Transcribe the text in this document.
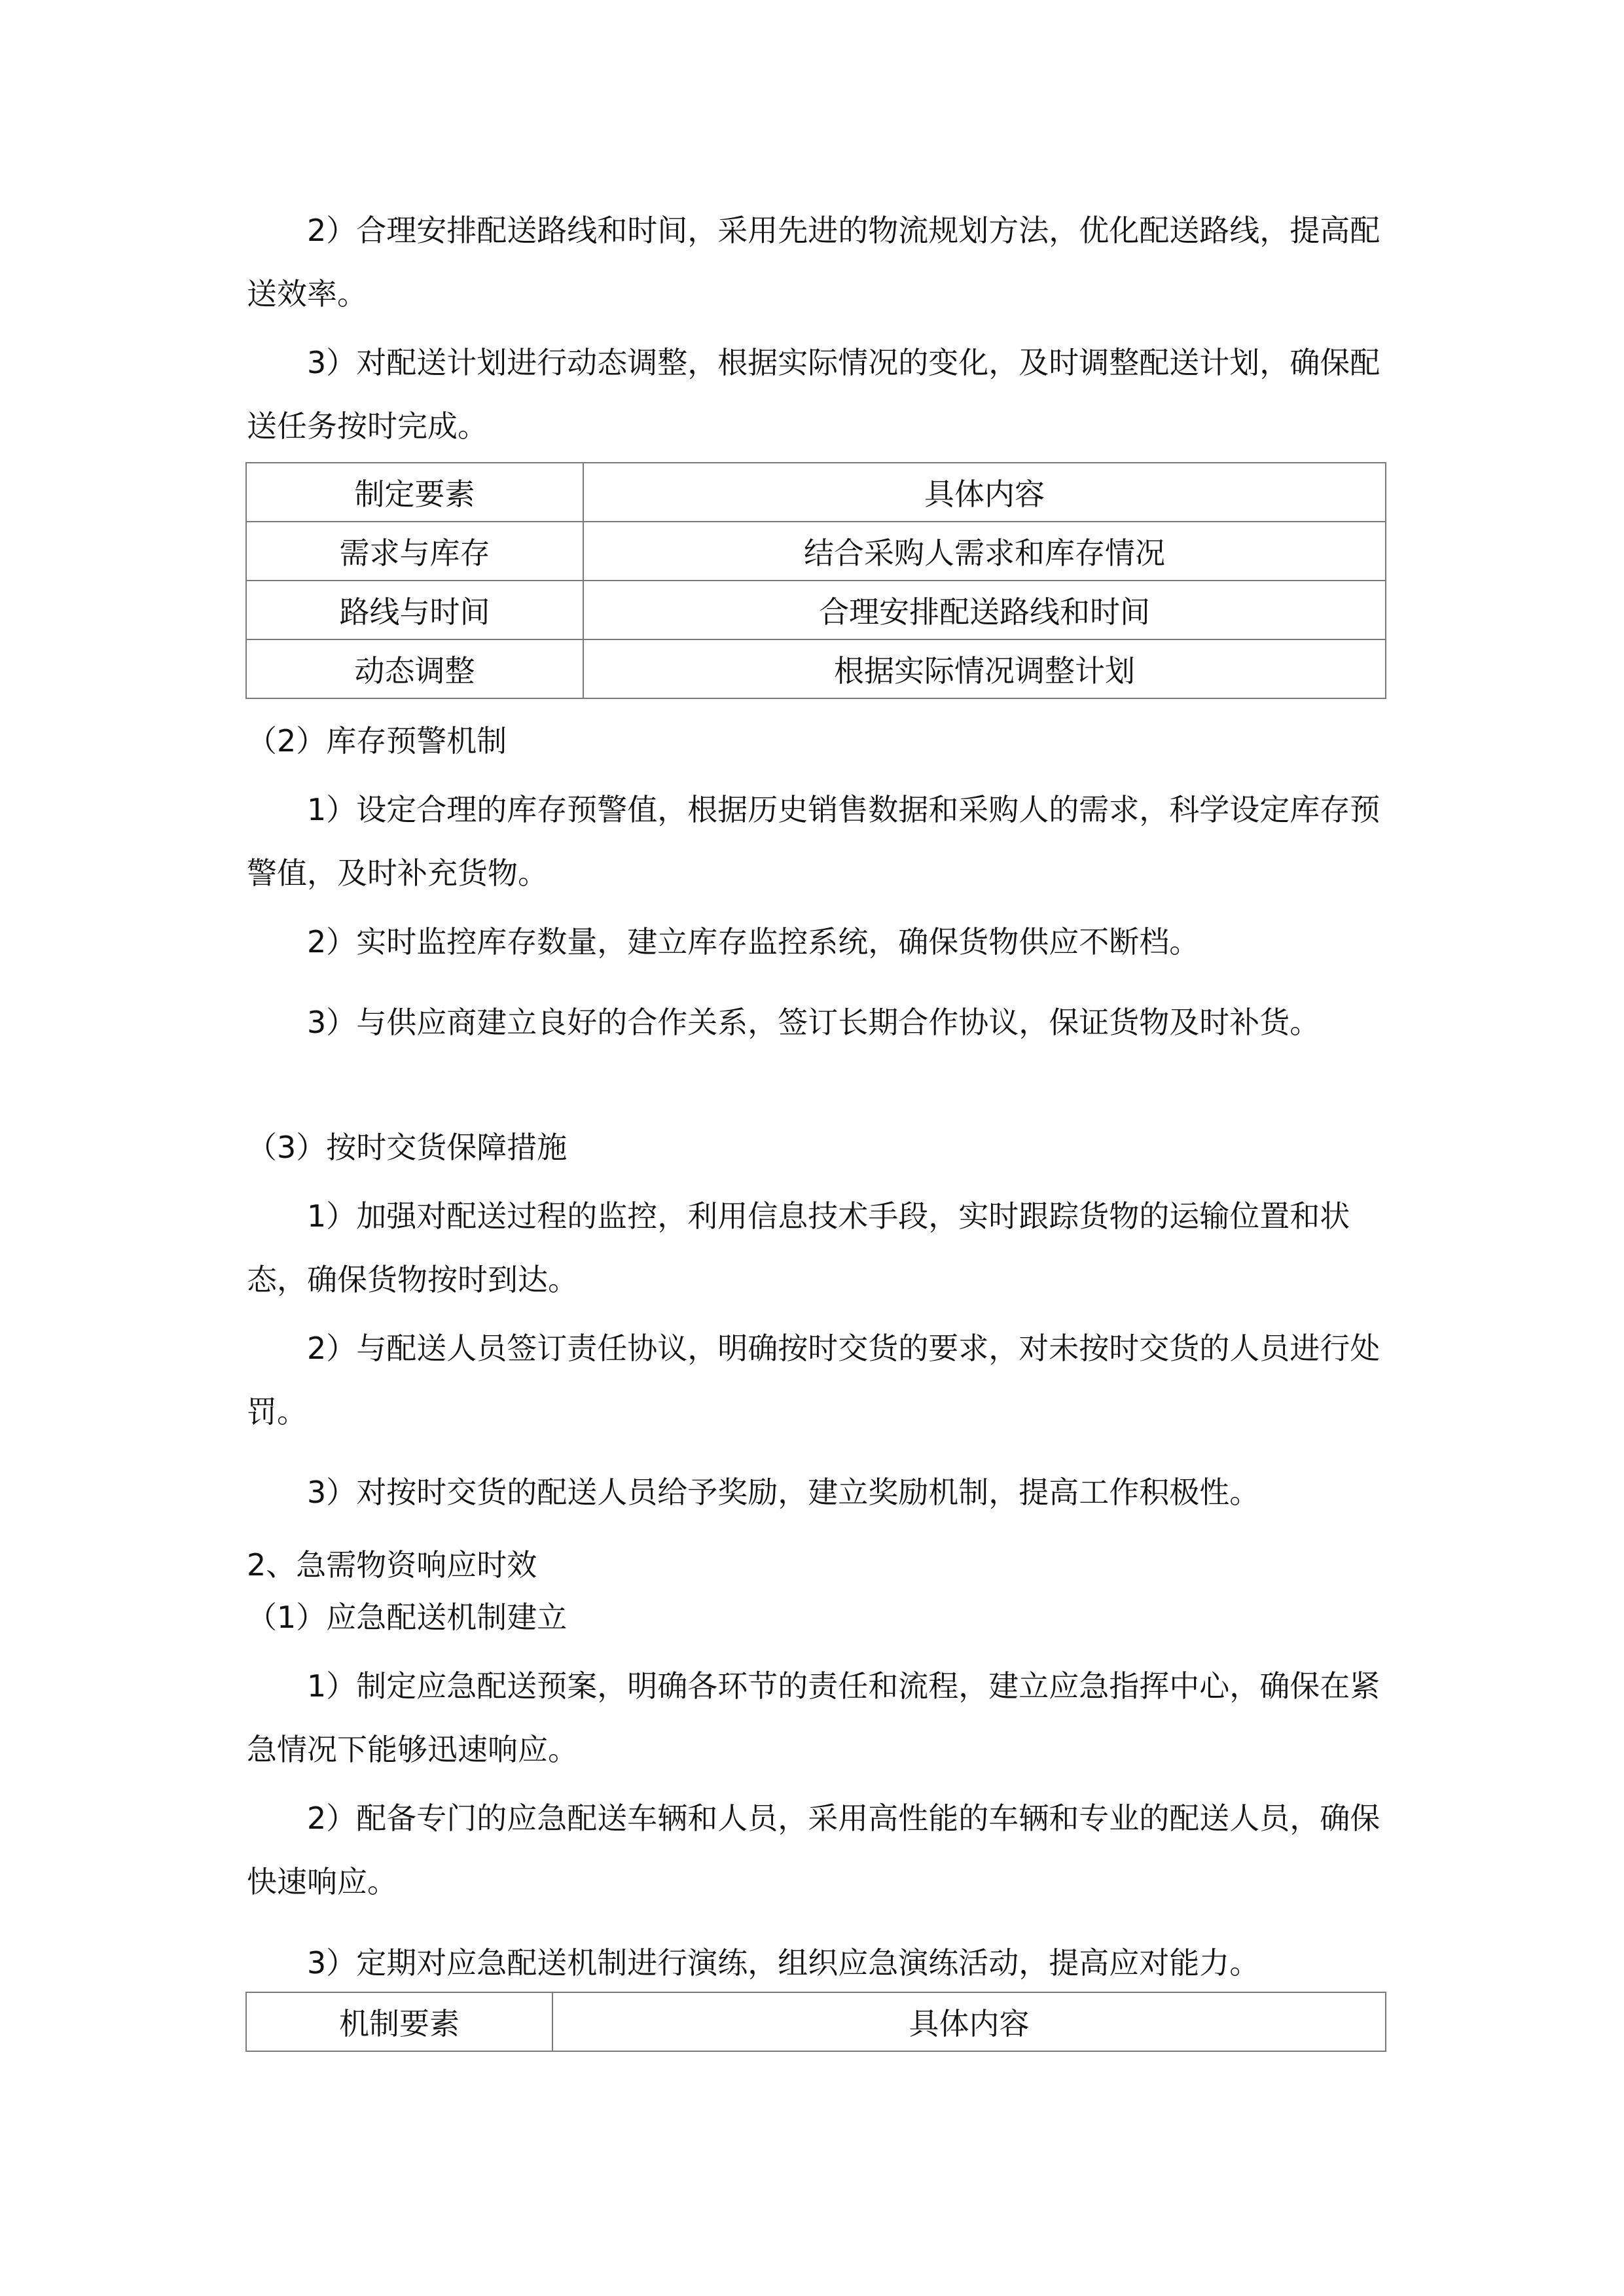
2）合理安排配送路线和时间，采用先进的物流规划方法，优化配送路线，提高配送效率。

3）对配送计划进行动态调整，根据实际情况的变化，及时调整配送计划，确保配送任务按时完成。

制定要素	具体内容
需求与库存	结合采购人需求和库存情况
路线与时间	合理安排配送路线和时间
动态调整	根据实际情况调整计划

（2）库存预警机制

1）设定合理的库存预警值，根据历史销售数据和采购人的需求，科学设定库存预警值，及时补充货物。

2）实时监控库存数量，建立库存监控系统，确保货物供应不断档。

3）与供应商建立良好的合作关系，签订长期合作协议，保证货物及时补货。

（3）按时交货保障措施

1）加强对配送过程的监控，利用信息技术手段，实时跟踪货物的运输位置和状态，确保货物按时到达。

2）与配送人员签订责任协议，明确按时交货的要求，对未按时交货的人员进行处罚。

3）对按时交货的配送人员给予奖励，建立奖励机制，提高工作积极性。

2、急需物资响应时效

（1）应急配送机制建立

1）制定应急配送预案，明确各环节的责任和流程，建立应急指挥中心，确保在紧急情况下能够迅速响应。

2）配备专门的应急配送车辆和人员，采用高性能的车辆和专业的配送人员，确保快速响应。

3）定期对应急配送机制进行演练，组织应急演练活动，提高应对能力。

机制要素	具体内容
